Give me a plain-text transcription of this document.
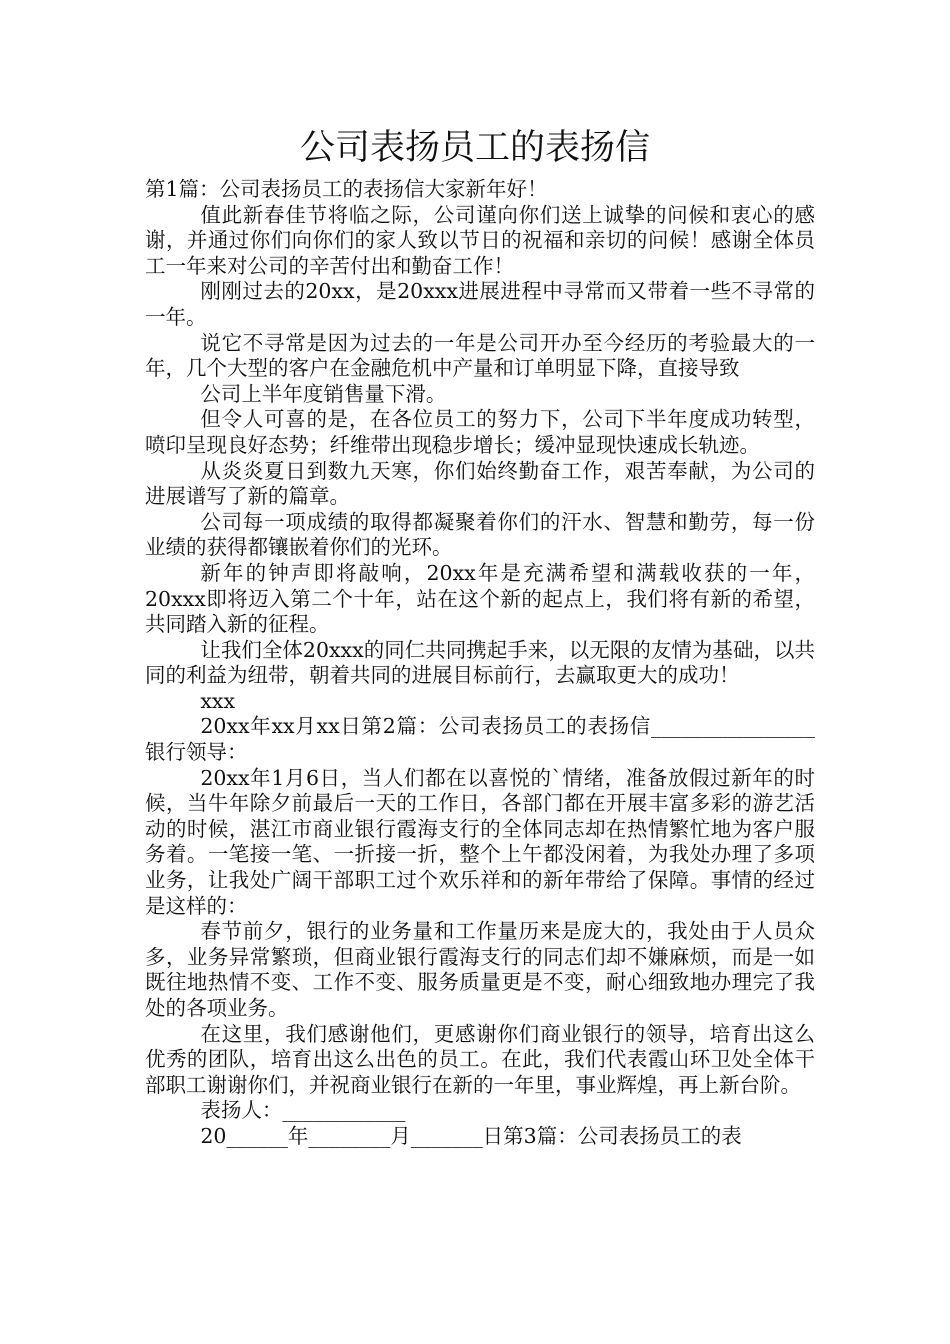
公司表扬员工的表扬信

第1篇：公司表扬员工的表扬信大家新年好！

值此新春佳节将临之际，公司谨向你们送上诚挚的问候和衷心的感谢，并通过你们向你们的家人致以节日的祝福和亲切的问候！感谢全体员工一年来对公司的辛苦付出和勤奋工作！

刚刚过去的20xx，是20xxx进展进程中寻常而又带着一些不寻常的一年。

说它不寻常是因为过去的一年是公司开办至今经历的考验最大的一年，几个大型的客户在金融危机中产量和订单明显下降，直接导致

公司上半年度销售量下滑。

但令人可喜的是，在各位员工的努力下，公司下半年度成功转型，喷印呈现良好态势；纤维带出现稳步增长；缓冲显现快速成长轨迹。

从炎炎夏日到数九天寒，你们始终勤奋工作，艰苦奉献，为公司的进展谱写了新的篇章。

公司每一项成绩的取得都凝聚着你们的汗水、智慧和勤劳，每一份业绩的获得都镶嵌着你们的光环。

新年的钟声即将敲响，20xx年是充满希望和满载收获的一年，20xxx即将迈入第二个十年，站在这个新的起点上，我们将有新的希望，共同踏入新的征程。

让我们全体20xxx的同仁共同携起手来，以无限的友情为基础，以共同的利益为纽带，朝着共同的进展目标前行，去赢取更大的成功！

xxx

20xx年xx月xx日第2篇：公司表扬员工的表扬信________________银行领导：

20xx年1月6日，当人们都在以喜悦的`情绪，准备放假过新年的时候，当牛年除夕前最后一天的工作日，各部门都在开展丰富多彩的游艺活动的时候，湛江市商业银行霞海支行的全体同志却在热情繁忙地为客户服务着。一笔接一笔、一折接一折，整个上午都没闲着，为我处办理了多项业务，让我处广阔干部职工过个欢乐祥和的新年带给了保障。事情的经过是这样的：

春节前夕，银行的业务量和工作量历来是庞大的，我处由于人员众多，业务异常繁琐，但商业银行霞海支行的同志们却不嫌麻烦，而是一如既往地热情不变、工作不变、服务质量更是不变，耐心细致地办理完了我处的各项业务。

在这里，我们感谢他们，更感谢你们商业银行的领导，培育出这么优秀的团队，培育出这么出色的员工。在此，我们代表霞山环卫处全体干部职工谢谢你们，并祝商业银行在新的一年里，事业辉煌，再上新台阶。

表扬人：____________

20______年________月_______日第3篇：公司表扬员工的表
